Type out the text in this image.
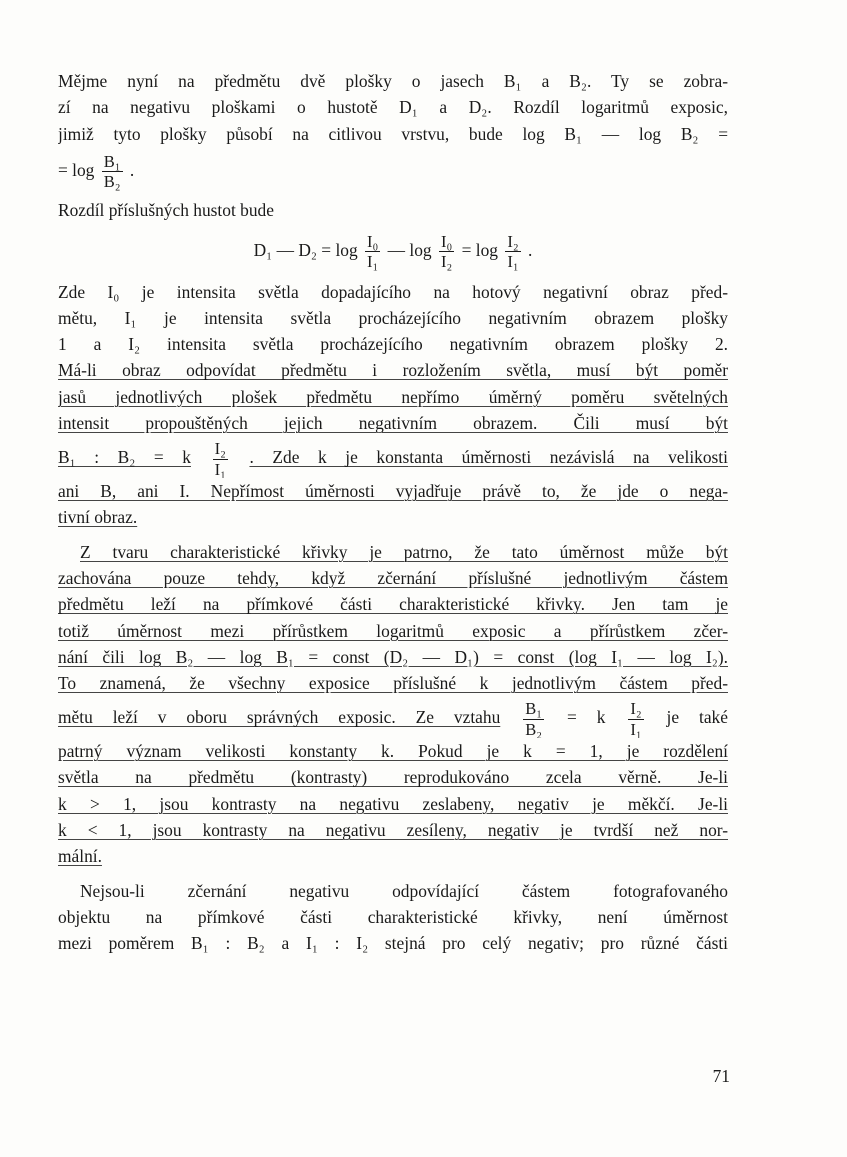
Mějme nyní na předmětu dvě plošky o jasech B₁ a B₂. Ty se zobra-
zí na negativu ploškami o hustotě D₁ a D₂. Rozdíl logaritmů exposic,
jimiž tyto plošky působí na citlivou vrstvu, bude log B₁ — log B₂ =
= $\log \frac{\text{B₁}}{\text{B₂}}$ .
Rozdíl příslušných hustot bude
D₁ — $D_2 = \log \frac{\text{I₀}}{\text{I₁}}$ — $\log \frac{\text{I₀}}{\text{I₂}} = \log \frac{\text{I₂}}{\text{I₁}}$ .
Zde I₀ je intensita světla dopadajícího na hotový negativní obraz před-
mětu, I₁ je intensita světla procházejícího negativním obrazem plošky
1 a I₂ intensita světla procházejícího negativním obrazem plošky 2.
Má-li obraz odpovídat předmětu i rozložením světla, musí být poměr
jasů jednotlivých plošek předmětu nepřímo úměrný poměru světelných
intensit propouštěných jejich negativním obrazem. Čili musí být
B₁ : B₂ = k $\frac{\text{I₂}}{\text{I₁}}$ . Zde k je konstanta úměrnosti nezávislá na velikosti
ani B, ani I. Nepřímost úměrnosti vyjadřuje právě to, že jde o nega-
tivní obraz.
Z tvaru charakteristické křivky je patrno, že tato úměrnost může být
zachována pouze tehdy, když zčernání příslušné jednotlivým částem
předmětu leží na přímkové části charakteristické křivky. Jen tam je
totiž úměrnost mezi přírůstkem logaritmů exposic a přírůstkem zčer-
nání čili log B₂ — log B₁ = const (D₂ — D₁) = const (log I₁ — log I₂).
To znamená, že všechny exposice příslušné k jednotlivým částem před-
mětu leží v oboru správných exposic. Ze vztahu $\frac{\text{B₁}}{\text{B₂}} = k \frac{\text{I₂}}{\text{I₁}}$ je také
patrný význam velikosti konstanty k. Pokud je k = 1, je rozdělení
světla na předmětu (kontrasty) reprodukováno zcela věrně. Je-li
k > 1, jsou kontrasty na negativu zeslabeny, negativ je měkčí. Je-li
k < 1, jsou kontrasty na negativu zesíleny, negativ je tvrdší než nor-
mální.
Nejsou-li zčernání negativu odpovídající částem fotografovaného
objektu na přímkové části charakteristické křivky, není úměrnost
mezi poměrem B₁ : B₂ a I₁ : I₂ stejná pro celý negativ; pro různé části
71
